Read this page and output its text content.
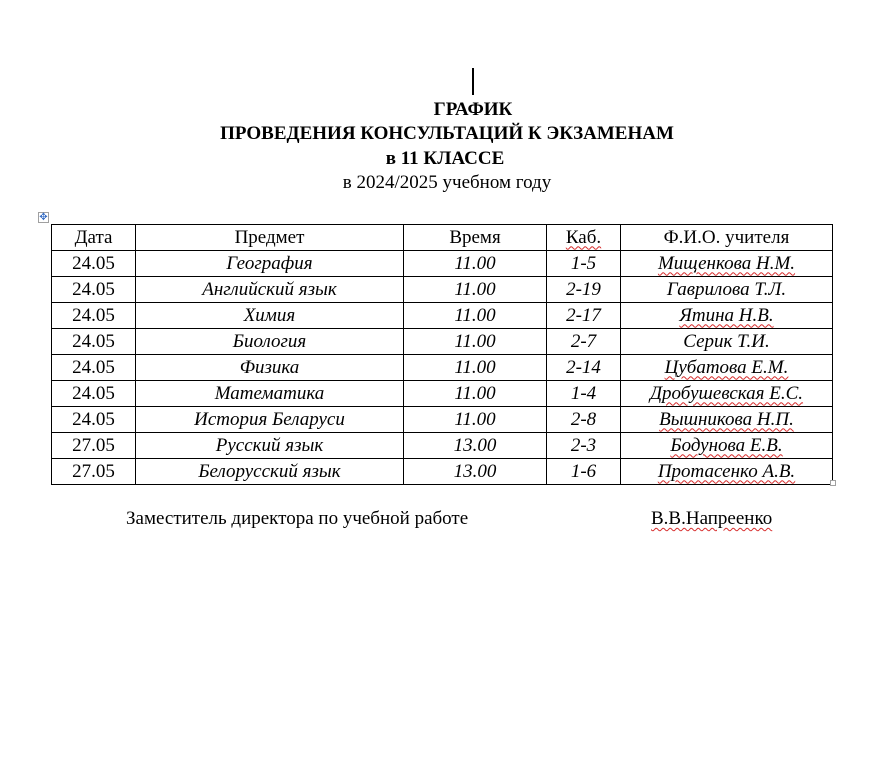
ГРАФИК
ПРОВЕДЕНИЯ КОНСУЛЬТАЦИЙ К ЭКЗАМЕНАМ
в 11 КЛАССЕ
в 2024/2025 учебном году
✥
Дата	Предмет	Время	Каб.	Ф.И.О. учителя
24.05	География	11.00	1-5	Мищенкова Н.М.
24.05	Английский язык	11.00	2-19	Гаврилова Т.Л.
24.05	Химия	11.00	2-17	Ятина Н.В.
24.05	Биология	11.00	2-7	Серик Т.И.
24.05	Физика	11.00	2-14	Цубатова Е.М.
24.05	Математика	11.00	1-4	Дробушевская Е.С.
24.05	История Беларуси	11.00	2-8	Вышникова Н.П.
27.05	Русский язык	13.00	2-3	Бодунова Е.В.
27.05	Белорусский язык	13.00	1-6	Протасенко А.В.
Заместитель директора по учебной работе	В.В.Напреенко
